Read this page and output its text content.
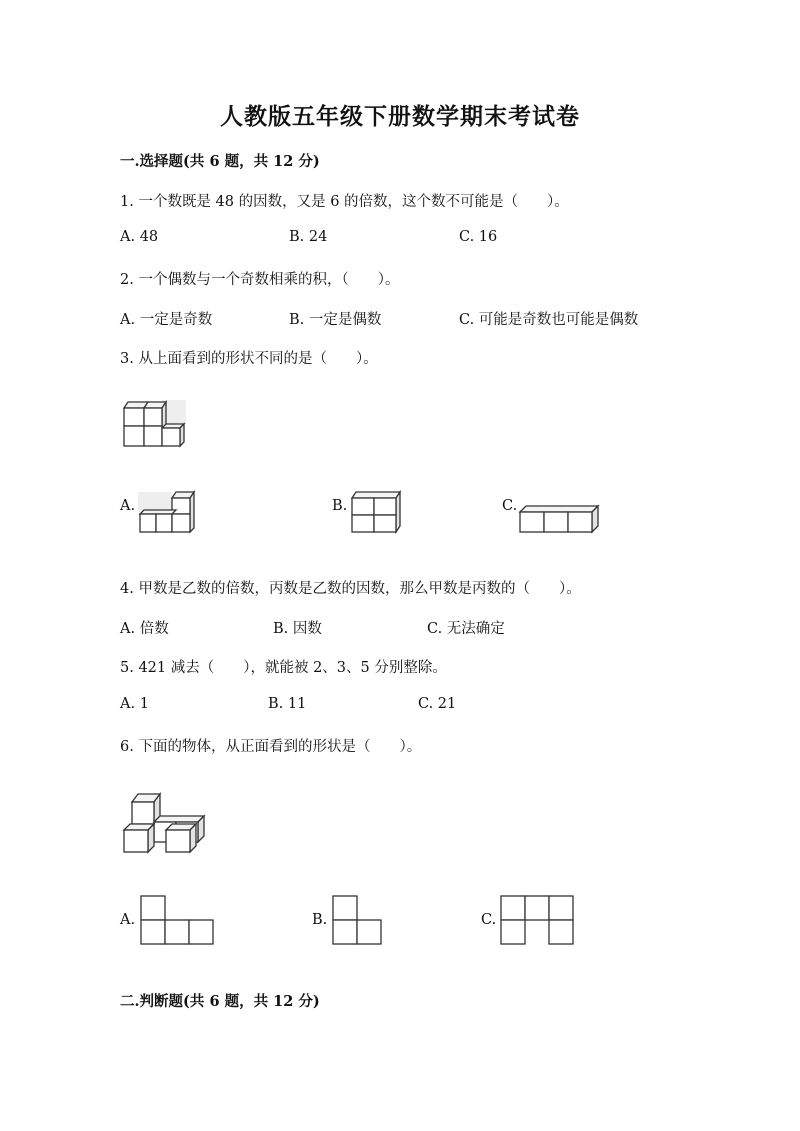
人教版五年级下册数学期末考试卷
一.选择题(共 6 题，共 12 分)
1. 一个数既是 48 的因数，又是 6 的倍数，这个数不可能是（　　）。
A. 48	B. 24	C. 16
2. 一个偶数与一个奇数相乘的积，（　　）。
A. 一定是奇数	B. 一定是偶数	C. 可能是奇数也可能是偶数
3. 从上面看到的形状不同的是（　　）。
A.	B.	C.
4. 甲数是乙数的倍数，丙数是乙数的因数，那么甲数是丙数的（　　）。
A. 倍数	B. 因数	C. 无法确定
5. 421 减去（　　），就能被 2、3、5 分别整除。
A. 1	B. 11	C. 21
6. 下面的物体，从正面看到的形状是（　　）。
A.	B.	C.
二.判断题(共 6 题，共 12 分)
